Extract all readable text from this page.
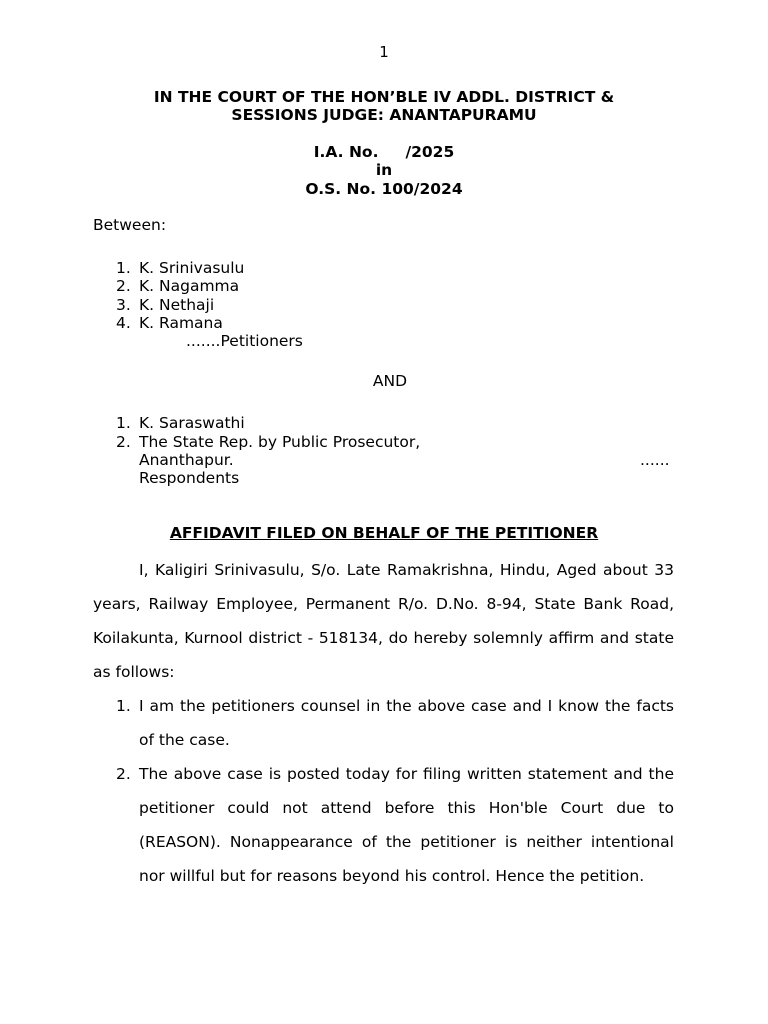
1
IN THE COURT OF THE HON’BLE IV ADDL. DISTRICT &
SESSIONS JUDGE: ANANTAPURAMU
I.A. No.     /2025
in
O.S. No. 100/2024
Between:
1. K. Srinivasulu
2. K. Nagamma
3. K. Nethaji
4. K. Ramana
.......Petitioners
AND
1. K. Saraswathi
2. The State Rep. by Public Prosecutor,
Ananthapur.	......
Respondents
AFFIDAVIT FILED ON BEHALF OF THE PETITIONER
I, Kaligiri Srinivasulu, S/o. Late Ramakrishna, Hindu, Aged about 33
years, Railway Employee, Permanent R/o. D.No. 8-94, State Bank Road,
Koilakunta, Kurnool district - 518134, do hereby solemnly affirm and state
as follows:
1. I am the petitioners counsel in the above case and I know the facts
of the case.
2. The above case is posted today for filing written statement and the
petitioner could not attend before this Hon'ble Court due to
(REASON). Nonappearance of the petitioner is neither intentional
nor willful but for reasons beyond his control. Hence the petition.
